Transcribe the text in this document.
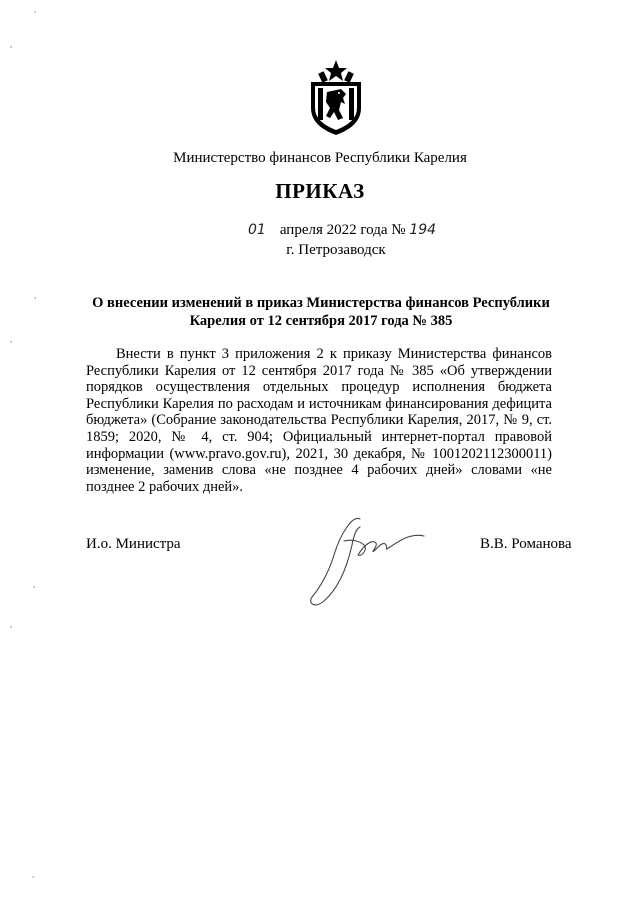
Министерство финансов Республики Карелия
ПРИКАЗ
01 апреля 2022 года № 194
г. Петрозаводск
О внесении изменений в приказ Министерства финансов Республики Карелия от 12 сентября 2017 года № 385

Внести в пункт 3 приложения 2 к приказу Министерства финансов Республики Карелия от 12 сентября 2017 года № 385 «Об утверждении порядков осуществления отдельных процедур исполнения бюджета Республики Карелия по расходам и источникам финансирования дефицита бюджета» (Собрание законодательства Республики Карелия, 2017, № 9, ст. 1859; 2020, № 4, ст. 904; Официальный интернет-портал правовой информации (www.pravo.gov.ru), 2021, 30 декабря, № 1001202112300011) изменение, заменив слова «не позднее 4 рабочих дней» словами «не позднее 2 рабочих дней».

И.о. Министра	В.В. Романова
ˈ
ˈ
ˈ
ˈ
ˈ
ˈ
ˈ
